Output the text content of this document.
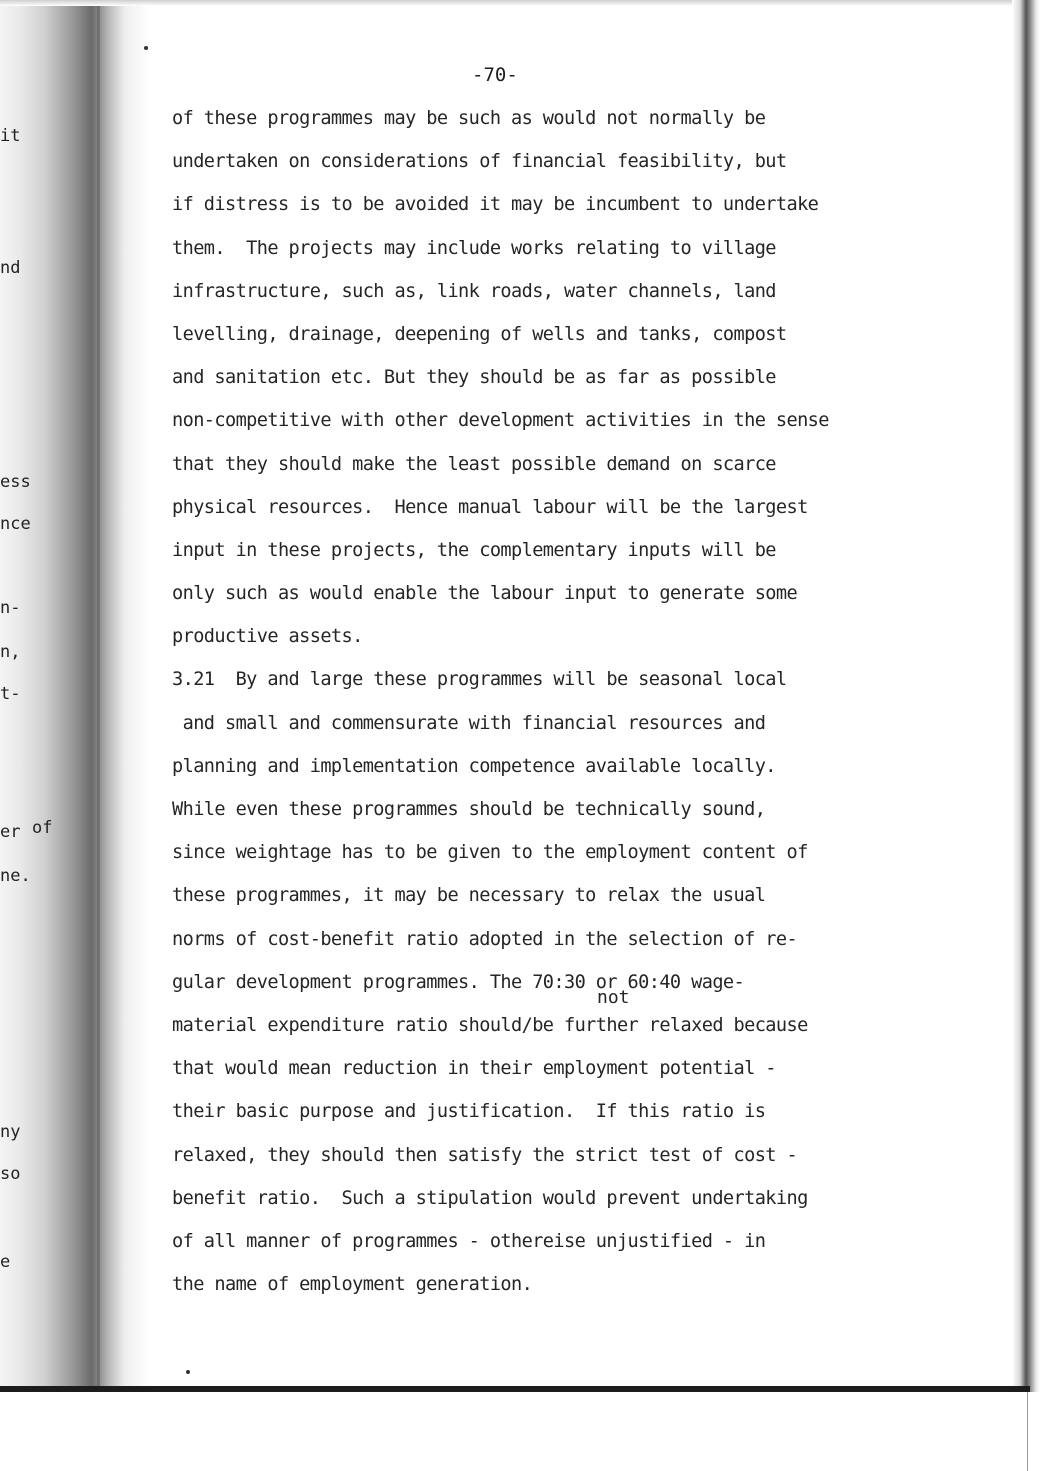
it
nd
ess
nce
n-
n,
t-
er of
ne.
ny
so
e
-70-
of these programmes may be such as would not normally be
undertaken on considerations of financial feasibility, but
if distress is to be avoided it may be incumbent to undertake
them.  The projects may include works relating to village
infrastructure, such as, link roads, water channels, land
levelling, drainage, deepening of wells and tanks, compost
and sanitation etc. But they should be as far as possible
non-competitive with other development activities in the sense
that they should make the least possible demand on scarce
physical resources.  Hence manual labour will be the largest
input in these projects, the complementary inputs will be
only such as would enable the labour input to generate some
productive assets.
3.21  By and large these programmes will be seasonal local
and small and commensurate with financial resources and
planning and implementation competence available locally.
While even these programmes should be technically sound,
since weightage has to be given to the employment content of
these programmes, it may be necessary to relax the usual
norms of cost-benefit ratio adopted in the selection of re-
gular development programmes. The 70:30 or 60:40 wage-
material expenditure ratio should/be further relaxed because
that would mean reduction in their employment potential -
their basic purpose and justification.  If this ratio is
relaxed, they should then satisfy the strict test of cost -
benefit ratio.  Such a stipulation would prevent undertaking
of all manner of programmes - othereise unjustified - in
the name of employment generation.
not
